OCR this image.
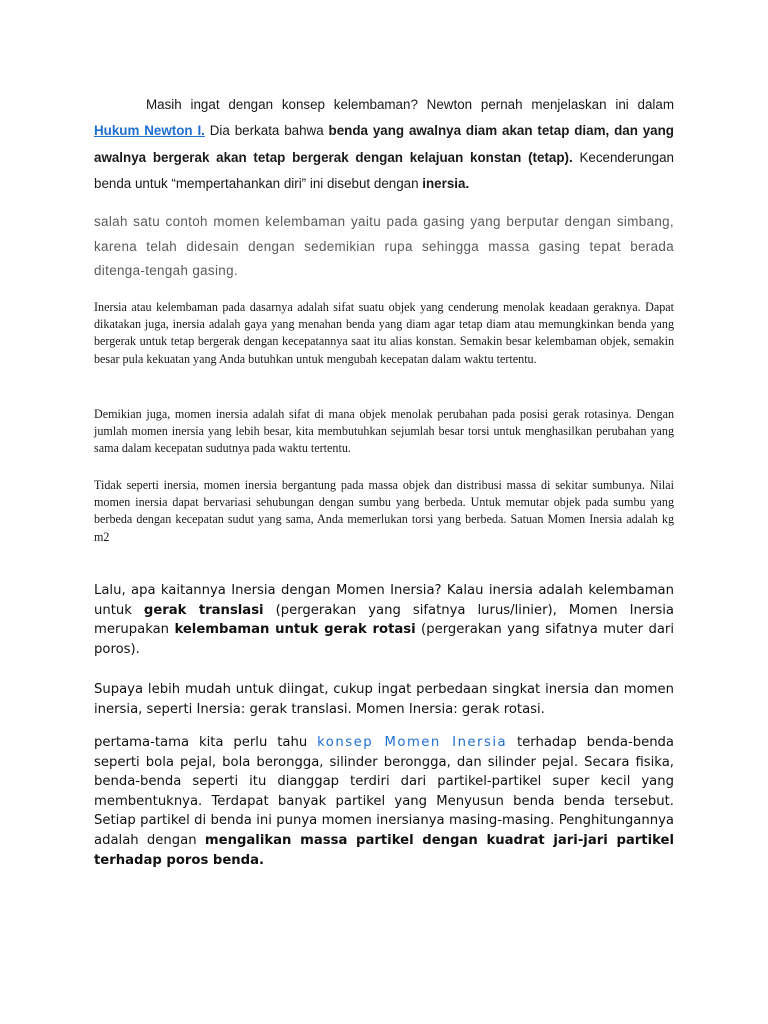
Masih ingat dengan konsep kelembaman? Newton pernah menjelaskan ini dalam Hukum Newton I. Dia berkata bahwa benda yang awalnya diam akan tetap diam, dan yang awalnya bergerak akan tetap bergerak dengan kelajuan konstan (tetap). Kecenderungan benda untuk “mempertahankan diri” ini disebut dengan inersia.

salah satu contoh momen kelembaman yaitu pada gasing yang berputar dengan simbang, karena telah didesain dengan sedemikian rupa sehingga massa gasing tepat berada ditenga-tengah gasing.

Inersia atau kelembaman pada dasarnya adalah sifat suatu objek yang cenderung menolak keadaan geraknya. Dapat dikatakan juga, inersia adalah gaya yang menahan benda yang diam agar tetap diam atau memungkinkan benda yang bergerak untuk tetap bergerak dengan kecepatannya saat itu alias konstan. Semakin besar kelembaman objek, semakin besar pula kekuatan yang Anda butuhkan untuk mengubah kecepatan dalam waktu tertentu.

Demikian juga, momen inersia adalah sifat di mana objek menolak perubahan pada posisi gerak rotasinya. Dengan jumlah momen inersia yang lebih besar, kita membutuhkan sejumlah besar torsi untuk menghasilkan perubahan yang sama dalam kecepatan sudutnya pada waktu tertentu.

Tidak seperti inersia, momen inersia bergantung pada massa objek dan distribusi massa di sekitar sumbunya. Nilai momen inersia dapat bervariasi sehubungan dengan sumbu yang berbeda. Untuk memutar objek pada sumbu yang berbeda dengan kecepatan sudut yang sama, Anda memerlukan torsi yang berbeda. Satuan Momen Inersia adalah kg m2

Lalu, apa kaitannya Inersia dengan Momen Inersia? Kalau inersia adalah kelembaman untuk gerak translasi (pergerakan yang sifatnya lurus/linier), Momen Inersia merupakan kelembaman untuk gerak rotasi (pergerakan yang sifatnya muter dari poros).

Supaya lebih mudah untuk diingat, cukup ingat perbedaan singkat inersia dan momen inersia, seperti Inersia: gerak translasi. Momen Inersia: gerak rotasi.

pertama-tama kita perlu tahu konsep Momen Inersia terhadap benda-benda seperti bola pejal, bola berongga, silinder berongga, dan silinder pejal. Secara fisika, benda-benda seperti itu dianggap terdiri dari partikel-partikel super kecil yang membentuknya. Terdapat banyak partikel yang Menyusun benda benda tersebut. Setiap partikel di benda ini punya momen inersianya masing-masing. Penghitungannya adalah dengan mengalikan massa partikel dengan kuadrat jari-jari partikel terhadap poros benda.
